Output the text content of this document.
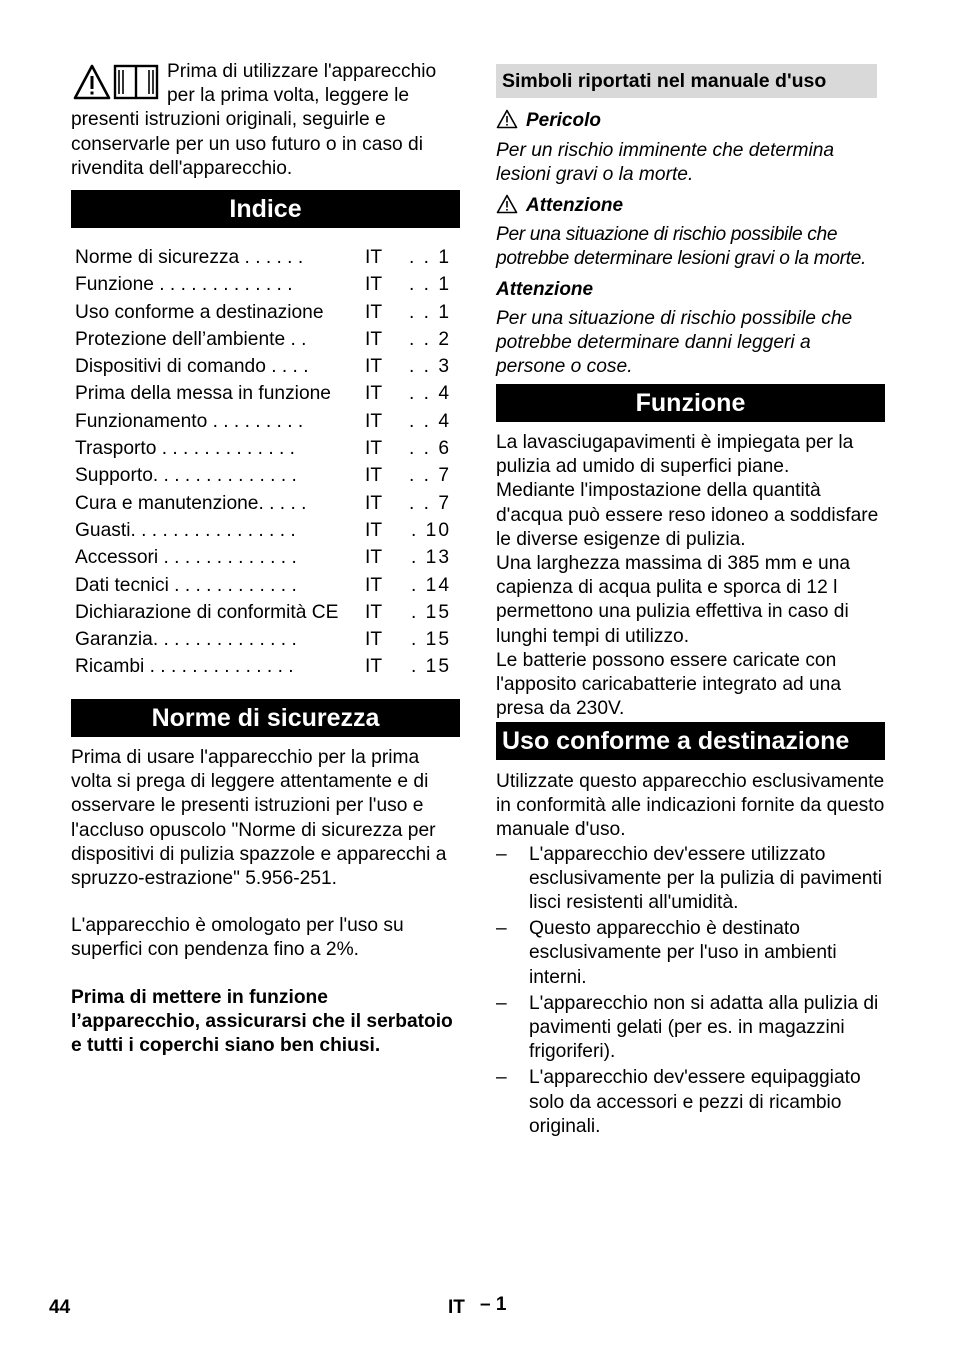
Prima di utilizzare l'apparecchio per la prima volta, leggere le presenti istruzioni originali, seguirle e conservarle per un uso futuro o in caso di rivendita dell'apparecchio.

Indice
Norme di sicurezza . . . . . .	IT . . 1
Funzione . . . . . . . . . . . . .	IT . . 1
Uso conforme a destinazione IT . . 1
Protezione dell’ambiente . .	IT . . 2
Dispositivi di comando . . . .	IT . . 3
Prima della messa in funzione IT . . 4
Funzionamento . . . . . . . . .	IT . . 4
Trasporto . . . . . . . . . . . . .	IT . . 6
Supporto. . . . . . . . . . . . . .	IT . . 7
Cura e manutenzione. . . . .	IT . . 7
Guasti. . . . . . . . . . . . . . . .	IT . 10
Accessori . . . . . . . . . . . . .	IT . 13
Dati tecnici . . . . . . . . . . . .	IT . 14
Dichiarazione di conformità CE IT . 15
Garanzia. . . . . . . . . . . . . .	IT . 15
Ricambi . . . . . . . . . . . . . .	IT . 15
Norme di sicurezza

Prima di usare l'apparecchio per la prima volta si prega di leggere attentamente e di osservare le presenti istruzioni per l'uso e l'accluso opuscolo "Norme di sicurezza per dispositivi di pulizia spazzole e apparecchi a spruzzo-estrazione" 5.956-251.

L'apparecchio è omologato per l'uso su superfici con pendenza fino a 2%.

Prima di mettere in funzione l’apparecchio, assicurarsi che il serbatoio e tutti i coperchi siano ben chiusi.

44
Simboli riportati nel manuale d'uso
Pericolo

Per un rischio imminente che determina lesioni gravi o la morte.

Attenzione

Per una situazione di rischio possibile che potrebbe determinare lesioni gravi o la morte.

Attenzione

Per una situazione di rischio possibile che potrebbe determinare danni leggeri a persone o cose.

Funzione

La lavasciugapavimenti è impiegata per la pulizia ad umido di superfici piane.

Mediante l'impostazione della quantità d'acqua può essere reso idoneo a soddisfare le diverse esigenze di pulizia.

Una larghezza massima di 385 mm e una capienza di acqua pulita e sporca di 12 l permettono una pulizia effettiva in caso di lunghi tempi di utilizzo.

Le batterie possono essere caricate con l'apposito caricabatterie integrato ad una presa da 230V.

Uso conforme a destinazione

Utilizzate questo apparecchio esclusivamente in conformità alle indicazioni fornite da questo manuale d'uso.

– L'apparecchio dev'essere utilizzato esclusivamente per la pulizia di pavimenti lisci resistenti all'umidità.
– Questo apparecchio è destinato esclusivamente per l'uso in ambienti interni.
– L'apparecchio non si adatta alla pulizia di pavimenti gelati (per es. in magazzini frigoriferi).
– L'apparecchio dev'essere equipaggiato solo da accessori e pezzi di ricambio originali.
IT – 1
